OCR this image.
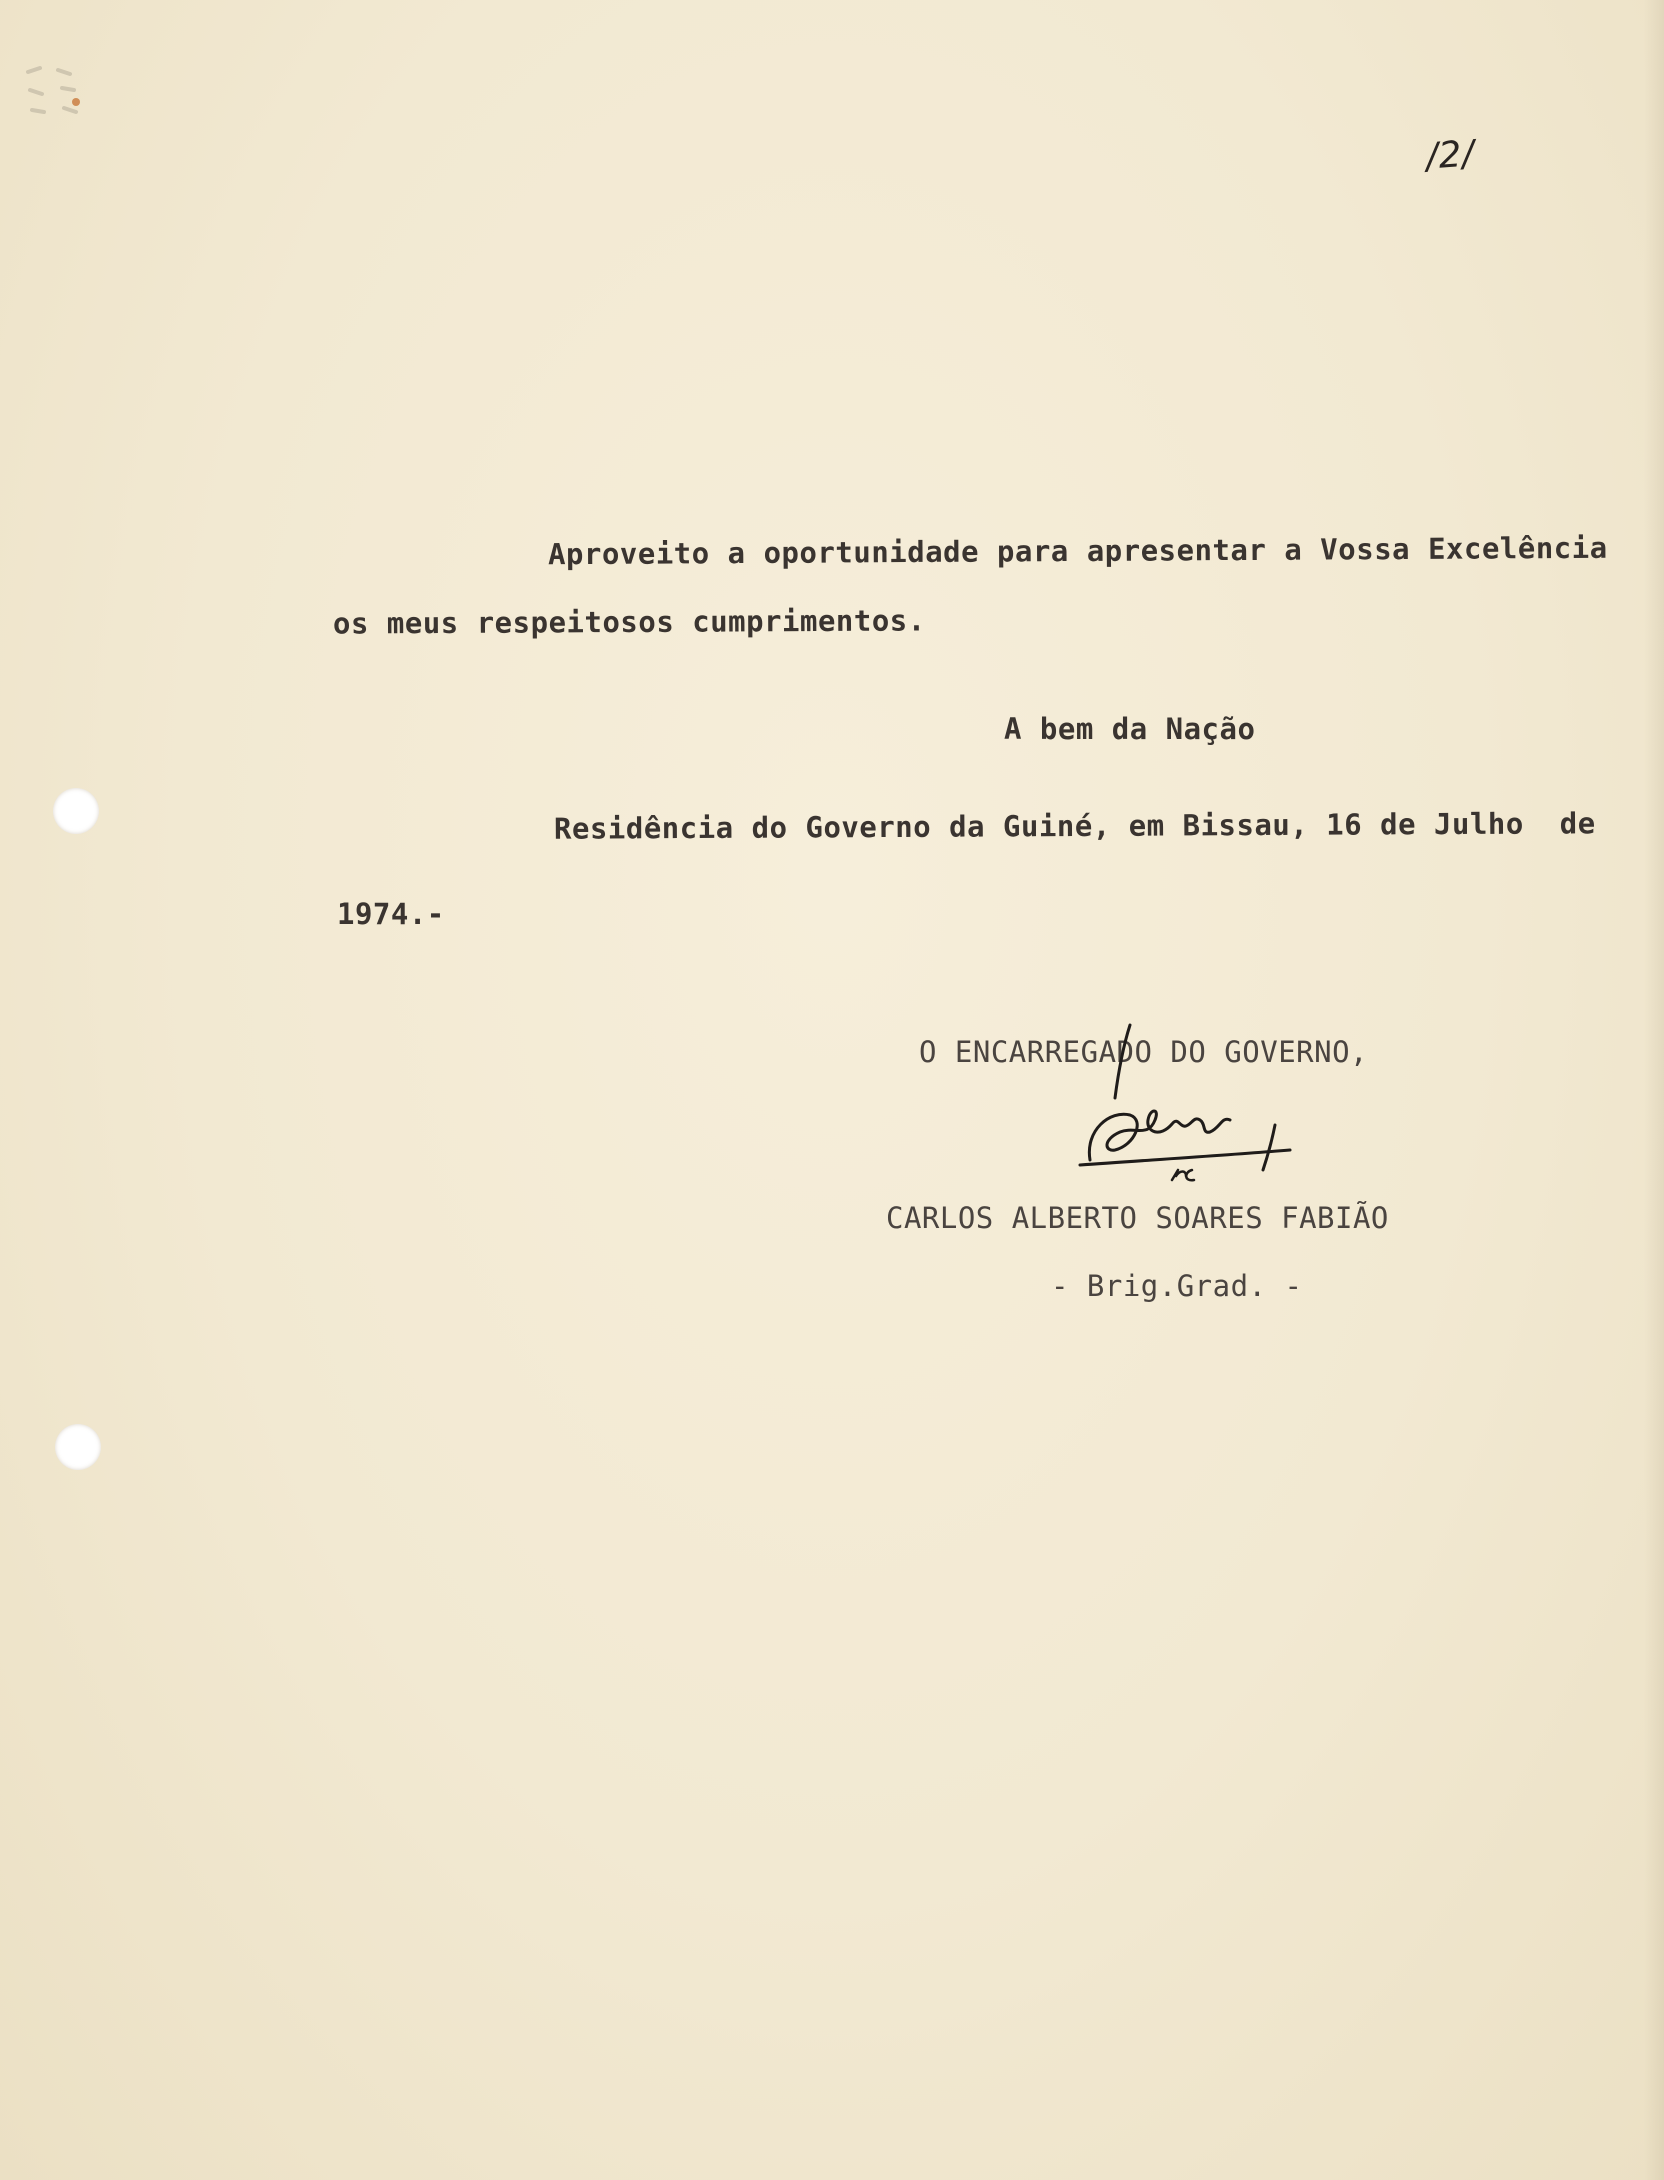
/2/
Aproveito a oportunidade para apresentar a Vossa Excelência
os meus respeitosos cumprimentos.
A bem da Nação
Residência do Governo da Guiné, em Bissau, 16 de Julho  de
1974.-
O ENCARREGADO DO GOVERNO,
CARLOS ALBERTO SOARES FABIÃO
- Brig.Grad. -
